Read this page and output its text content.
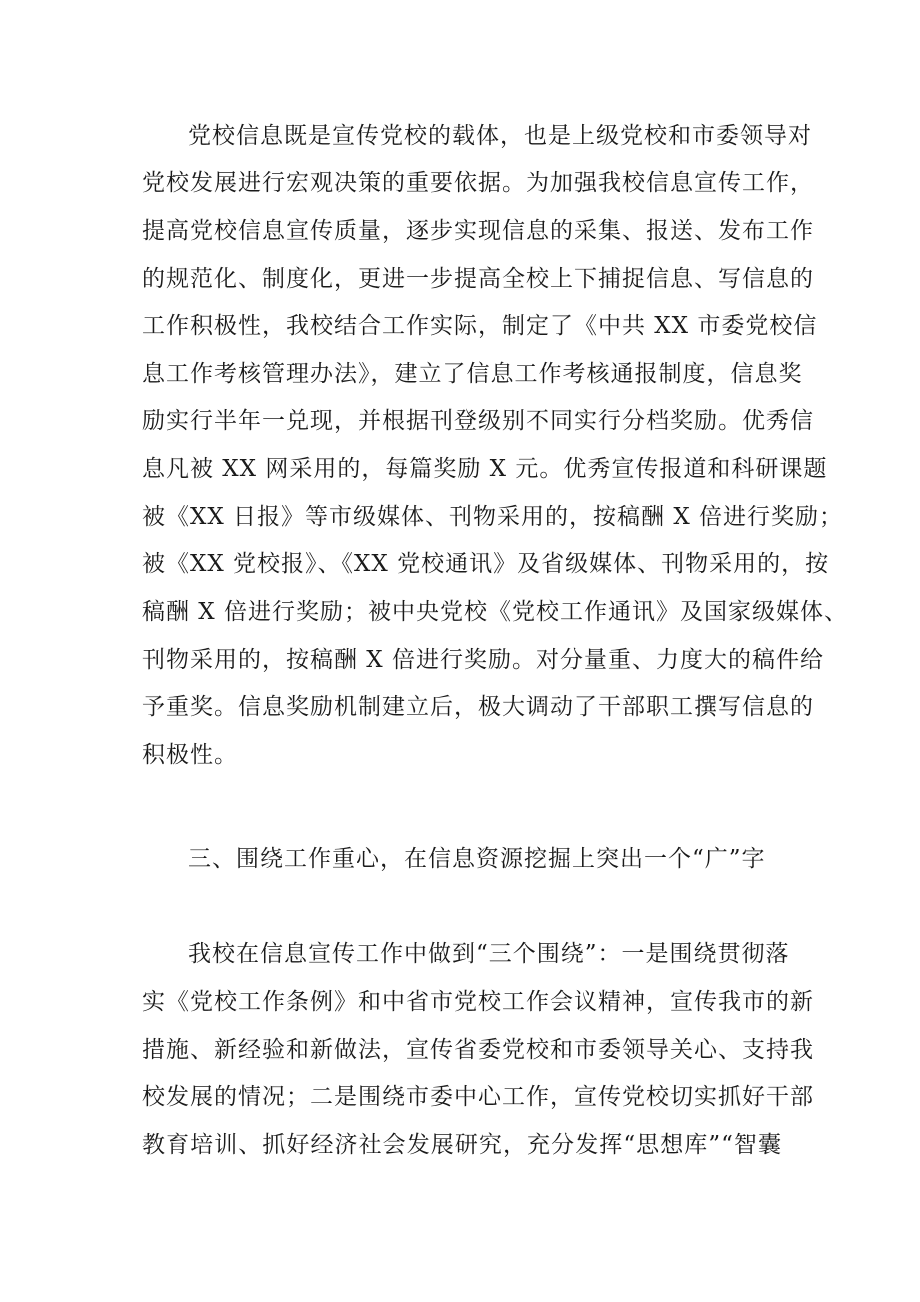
党校信息既是宣传党校的载体，也是上级党校和市委领导对
党校发展进行宏观决策的重要依据。为加强我校信息宣传工作，
提高党校信息宣传质量，逐步实现信息的采集、报送、发布工作
的规范化、制度化，更进一步提高全校上下捕捉信息、写信息的
工作积极性，我校结合工作实际，制定了《中共 XX 市委党校信
息工作考核管理办法》，建立了信息工作考核通报制度，信息奖
励实行半年一兑现，并根据刊登级别不同实行分档奖励。优秀信
息凡被 XX 网采用的，每篇奖励 X 元。优秀宣传报道和科研课题
被《XX 日报》等市级媒体、刊物采用的，按稿酬 X 倍进行奖励；
被《XX 党校报》、《XX 党校通讯》及省级媒体、刊物采用的，按
稿酬 X 倍进行奖励；被中央党校《党校工作通讯》及国家级媒体、
刊物采用的，按稿酬 X 倍进行奖励。对分量重、力度大的稿件给
予重奖。信息奖励机制建立后，极大调动了干部职工撰写信息的
积极性。
三、围绕工作重心，在信息资源挖掘上突出一个“广”字
我校在信息宣传工作中做到“三个围绕”：一是围绕贯彻落
实《党校工作条例》和中省市党校工作会议精神，宣传我市的新
措施、新经验和新做法，宣传省委党校和市委领导关心、支持我
校发展的情况；二是围绕市委中心工作，宣传党校切实抓好干部
教育培训、抓好经济社会发展研究，充分发挥“思想库”“智囊
